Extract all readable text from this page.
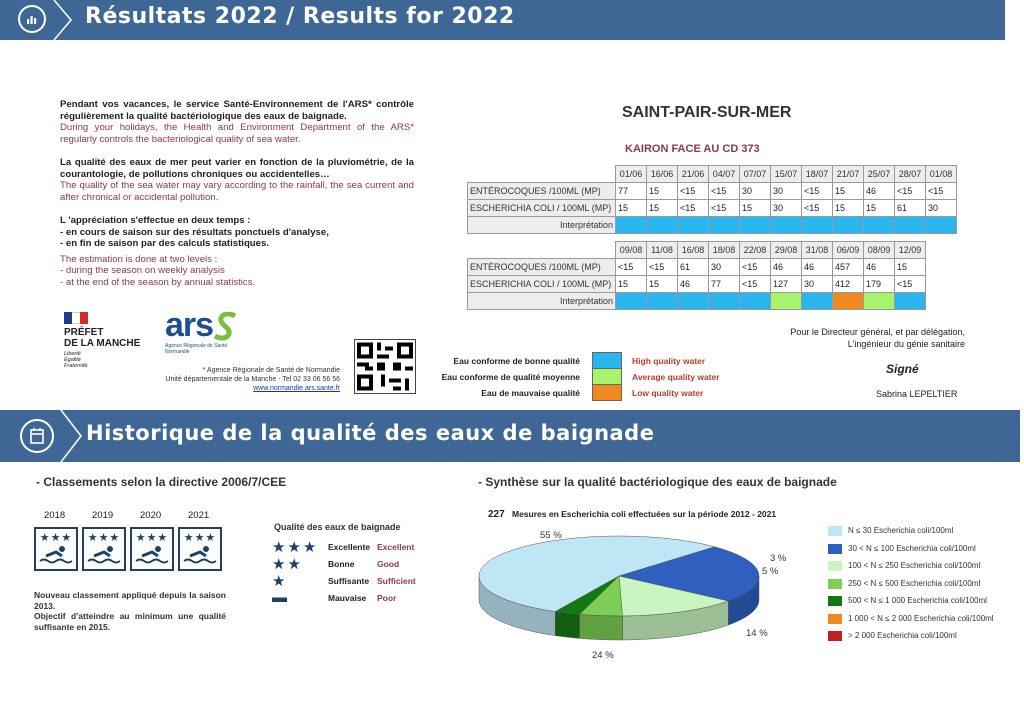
Résultats 2022 / Results for 2022
Pendant vos vacances, le service Santé-Environnement de l'ARS* contrôle régulièrement la qualité bactériologique des eaux de baignade.
During your holidays, the Health and Environment Department of the ARS* regularly controls the bacteriological quality of sea water.
La qualité des eaux de mer peut varier en fonction de la pluviométrie, de la courantologie, de pollutions chroniques ou accidentelles…
The quality of the sea water may vary according to the rainfall, the sea current and after chronical or accidental pollution.
L 'appréciation s'effectue en deux temps :
- en cours de saison sur des résultats ponctuels d'analyse,
- en fin de saison par des calculs statistiques.
The estimation is done at two levels :
- during the season on weekly analysis
- at the end of the season by annual statistics.
PRÉFET
DE LA MANCHE
Liberté
Égalité
Fraternité
ars
Agence Régionale de Santé
Normandie
* Agence Régionale de Santé de Normandie
Unité départementale de la Manche - Tel 02 33 06 56 56
www.normandie.ars.sante.fr
SAINT-PAIR-SUR-MER
KAIRON FACE AU CD 373
	01/06	16/06	21/06	04/07	07/07	15/07	18/07	21/07	25/07	28/07	01/08
ENTÉROCOQUES /100ML (MP)	77	15	<15	<15	30	30	<15	15	46	<15	<15
ESCHERICHIA COLI / 100ML (MP)	15	15	<15	<15	15	30	<15	15	15	61	30
Interprétation											
	09/08	11/08	16/08	18/08	22/08	29/08	31/08	06/09	08/09	12/09
ENTÉROCOQUES /100ML (MP)	<15	<15	61	30	<15	46	46	457	46	15
ESCHERICHIA COLI / 100ML (MP)	15	15	46	77	<15	127	30	412	179	<15
Interprétation										
Eau conforme de bonne qualité
Eau conforme de qualité moyenne
Eau de mauvaise qualité
High quality water
Average quality water
Low quality water
Pour le Directeur général, et par délégation,
L'ingénieur du génie sanitaire
Signé
Sabrina LEPELTIER
Historique de la qualité des eaux de baignade
- Classements selon la directive 2006/7/CEE
2018
★★★
2019
★★★
2020
★★★
2021
★★★
Nouveau classement appliqué depuis la saison 2013.
Objectif d'atteindre au minimum une qualité suffisante en 2015.
Qualité des eaux de baignade
★★★ Excellente Excellent
★★	Bonne	Good
★	Suffisante Sufficient
▬	Mauvaise Poor
- Synthèse sur la qualité bactériologique des eaux de baignade
227 Mesures en Escherichia coli effectuées sur la période 2012 - 2021
55 %
24 %
14 %
5 %
3 %
N ≤ 30 Escherichia coli/100ml
30 < N ≤ 100 Escherichia coli/100ml
100 < N ≤ 250 Escherichia coli/100ml
250 < N ≤ 500 Escherichia coli/100ml
500 < N ≤ 1 000 Escherichia coli/100ml
1 000 < N ≤ 2 000 Escherichia coli/100ml
> 2 000 Escherichia coli/100ml
